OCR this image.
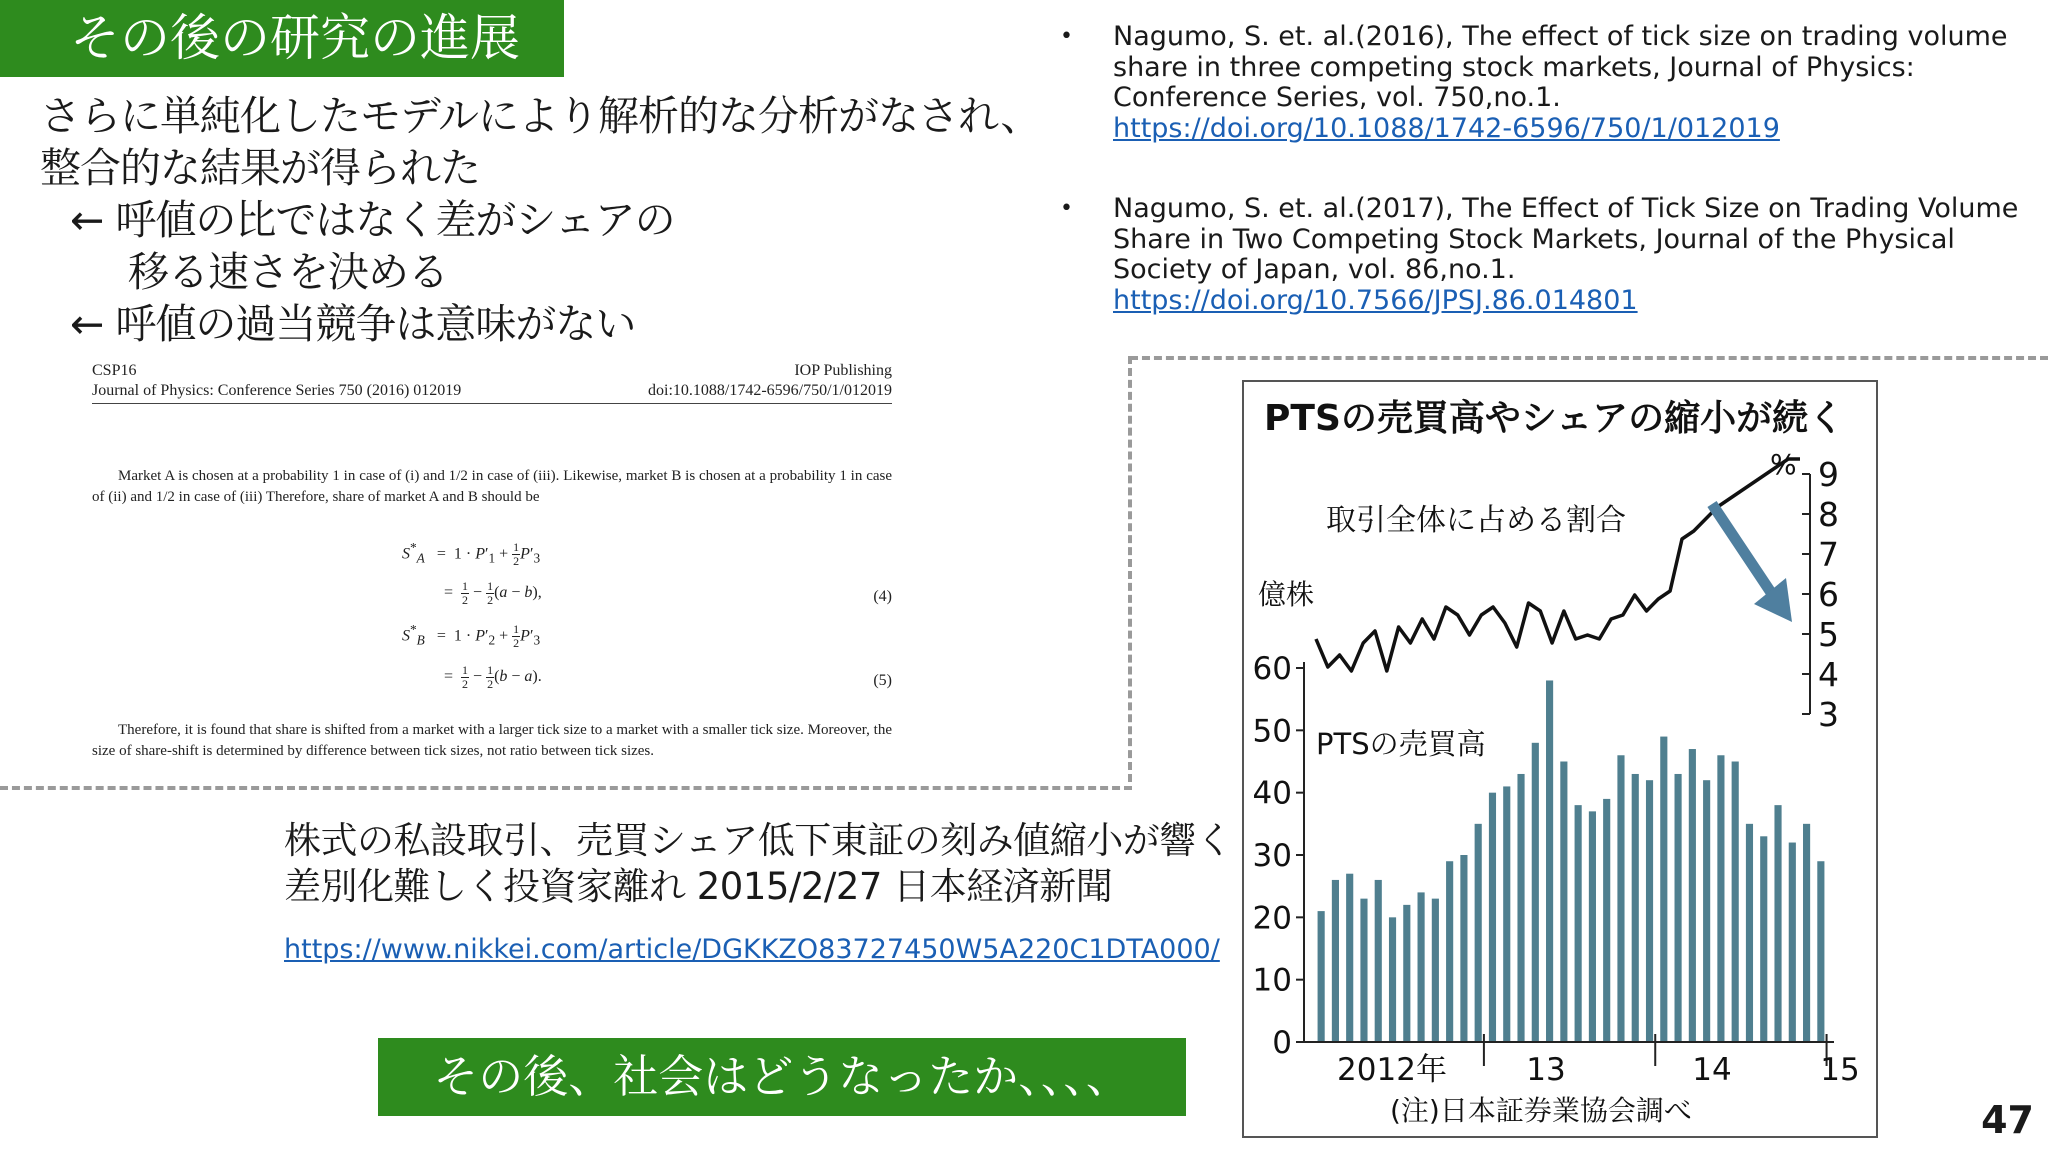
その後の研究の進展
さらに単純化したモデルにより解析的な分析がなされ、
整合的な結果が得られた
← 呼値の比ではなく差がシェアの
移る速さを決める
← 呼値の過当競争は意味がない
• Nagumo, S. et. al.(2016), The effect of tick size on trading volume share in three competing stock markets, Journal of Physics: Conference Series, vol. 750,no.1.
https://doi.org/10.1088/1742-6596/750/1/012019
• Nagumo, S. et. al.(2017), The Effect of Tick Size on Trading Volume Share in Two Competing Stock Markets, Journal of the Physical Society of Japan, vol. 86,no.1. https://doi.org/10.7566/JPSJ.86.014801
CSP16	IOP Publishing
Journal of Physics: Conference Series 750 (2016) 012019	doi:10.1088/1742-6596/750/1/012019
Market A is chosen at a probability 1 in case of (i) and 1/2 in case of (iii). Likewise, market B is chosen at a probability 1 in case of (ii) and 1/2 in case of (iii) Therefore, share of market A and B should be
$S^*_A = 1 \cdot P'_1 + \frac{1}{2} P'_3$
= $\frac{1}{2} - \frac{1}{2} (a - b)$,	(4)
$S^*_B = 1 \cdot P'_2 + \frac{1}{2} P'_3$
= $\frac{1}{2} - \frac{1}{2} (b - a)$.	(5)
Therefore, it is found that share is shifted from a market with a larger tick size to a market with a smaller tick size. Moreover, the size of share-shift is determined by difference between tick sizes, not ratio between tick sizes.
株式の私設取引、売買シェア低下東証の刻み値縮小が響く
差別化難しく投資家離れ 2015/2/27 日本経済新聞
https://www.nikkei.com/article/DGKKZO83727450W5A220C1DTA000/
その後、社会はどうなったか、、、、
PTSの売買高やシェアの縮小が続く
取引全体に占める割合
PTSの売買高
億株
%
(注)日本証券業協会調べ
0
10
20
30
40
50
60
2012年	13	14	15
3
4
5
6
7
8
9
47
